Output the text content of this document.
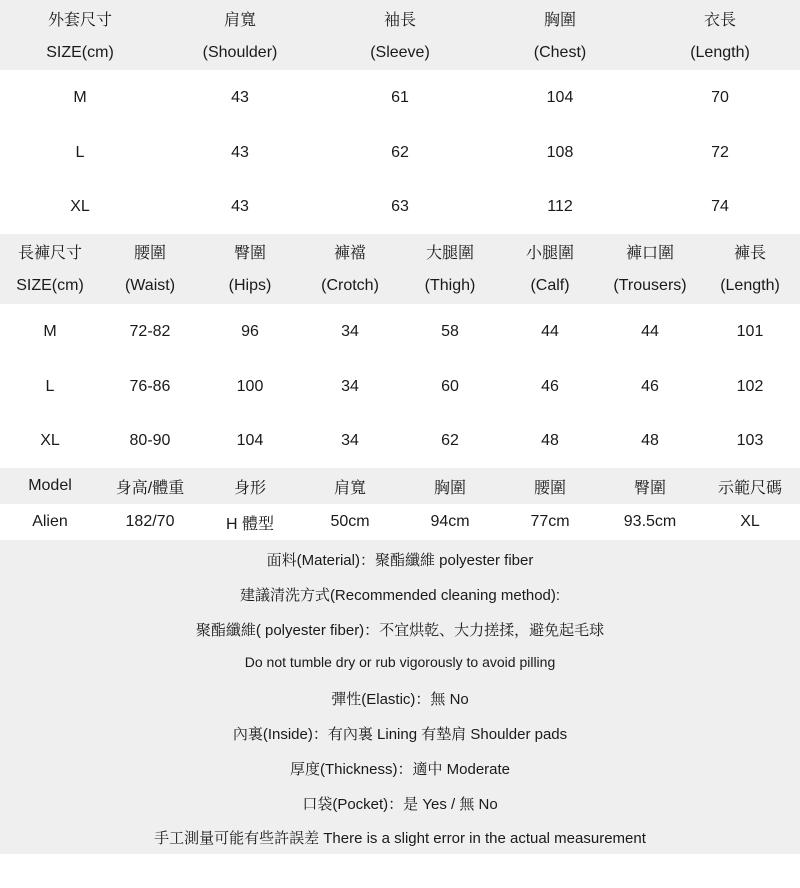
外套尺寸	肩寬	袖長	胸圍	衣長
SIZE(cm)	(Shoulder)	(Sleeve)	(Chest)	(Length)
M	43	61	104	70
L	43	62	108	72
XL	43	63	112	74
長褲尺寸	腰圍	臀圍	褲襠	大腿圍	小腿圍	褲口圍	褲長
SIZE(cm)	(Waist)	(Hips)	(Crotch)	(Thigh)	(Calf)	(Trousers)	(Length)
M	72-82	96	34	58	44	44	101
L	76-86	100	34	60	46	46	102
XL	80-90	104	34	62	48	48	103
Model	身高/體重	身形	肩寬	胸圍	腰圍	臀圍	示範尺碼
Alien	182/70	H 體型	50cm	94cm	77cm	93.5cm	XL
面料(Material)：聚酯纖維 polyester fiber
建議清洗方式(Recommended cleaning method):
聚酯纖維( polyester fiber)：不宜烘乾、大力搓揉，避免起毛球
Do not tumble dry or rub vigorously to avoid pilling
彈性(Elastic)：無 No
內裏(Inside)：有內裏 Lining 有墊肩 Shoulder pads
厚度(Thickness)：適中 Moderate
口袋(Pocket)：是 Yes / 無 No
手工測量可能有些許誤差 There is a slight error in the actual measurement
